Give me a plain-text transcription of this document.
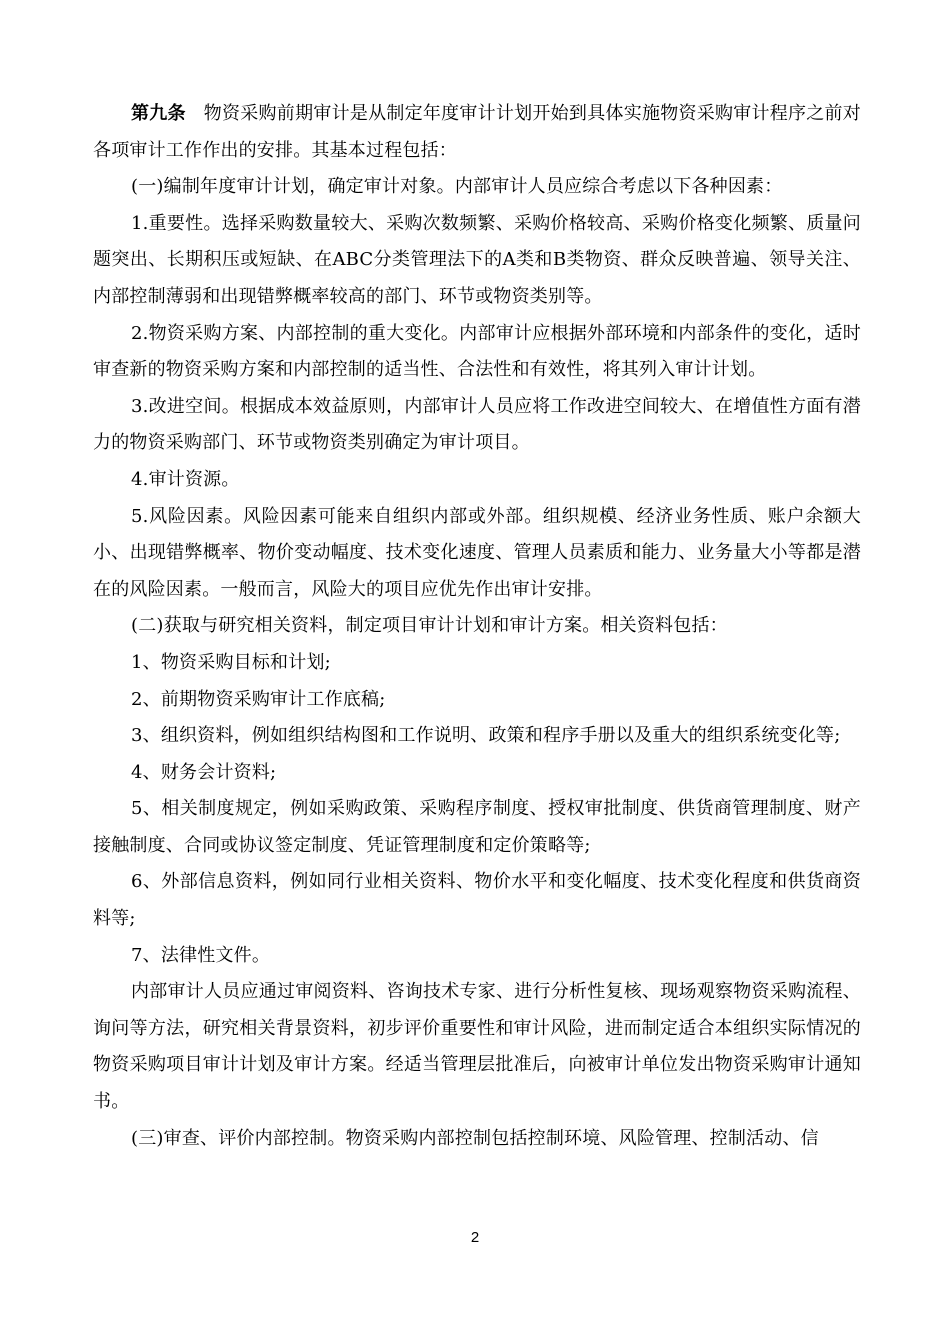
第九条 物资采购前期审计是从制定年度审计计划开始到具体实施物资采购审计程序之前对各项审计工作作出的安排。其基本过程包括：

(一)编制年度审计计划，确定审计对象。内部审计人员应综合考虑以下各种因素：

1.重要性。选择采购数量较大、采购次数频繁、采购价格较高、采购价格变化频繁、质量问题突出、长期积压或短缺、在ABC分类管理法下的A类和B类物资、群众反映普遍、领导关注、内部控制薄弱和出现错弊概率较高的部门、环节或物资类别等。

2.物资采购方案、内部控制的重大变化。内部审计应根据外部环境和内部条件的变化，适时审查新的物资采购方案和内部控制的适当性、合法性和有效性，将其列入审计计划。

3.改进空间。根据成本效益原则，内部审计人员应将工作改进空间较大、在增值性方面有潜力的物资采购部门、环节或物资类别确定为审计项目。

4.审计资源。

5.风险因素。风险因素可能来自组织内部或外部。组织规模、经济业务性质、账户余额大小、出现错弊概率、物价变动幅度、技术变化速度、管理人员素质和能力、业务量大小等都是潜在的风险因素。一般而言，风险大的项目应优先作出审计安排。

(二)获取与研究相关资料，制定项目审计计划和审计方案。相关资料包括：

1、物资采购目标和计划;

2、前期物资采购审计工作底稿;

3、组织资料，例如组织结构图和工作说明、政策和程序手册以及重大的组织系统变化等;

4、财务会计资料;

5、相关制度规定，例如采购政策、采购程序制度、授权审批制度、供货商管理制度、财产接触制度、合同或协议签定制度、凭证管理制度和定价策略等;

6、外部信息资料，例如同行业相关资料、物价水平和变化幅度、技术变化程度和供货商资料等;

7、法律性文件。

内部审计人员应通过审阅资料、咨询技术专家、进行分析性复核、现场观察物资采购流程、询问等方法，研究相关背景资料，初步评价重要性和审计风险，进而制定适合本组织实际情况的物资采购项目审计计划及审计方案。经适当管理层批准后，向被审计单位发出物资采购审计通知书。

(三)审查、评价内部控制。物资采购内部控制包括控制环境、风险管理、控制活动、信

2
